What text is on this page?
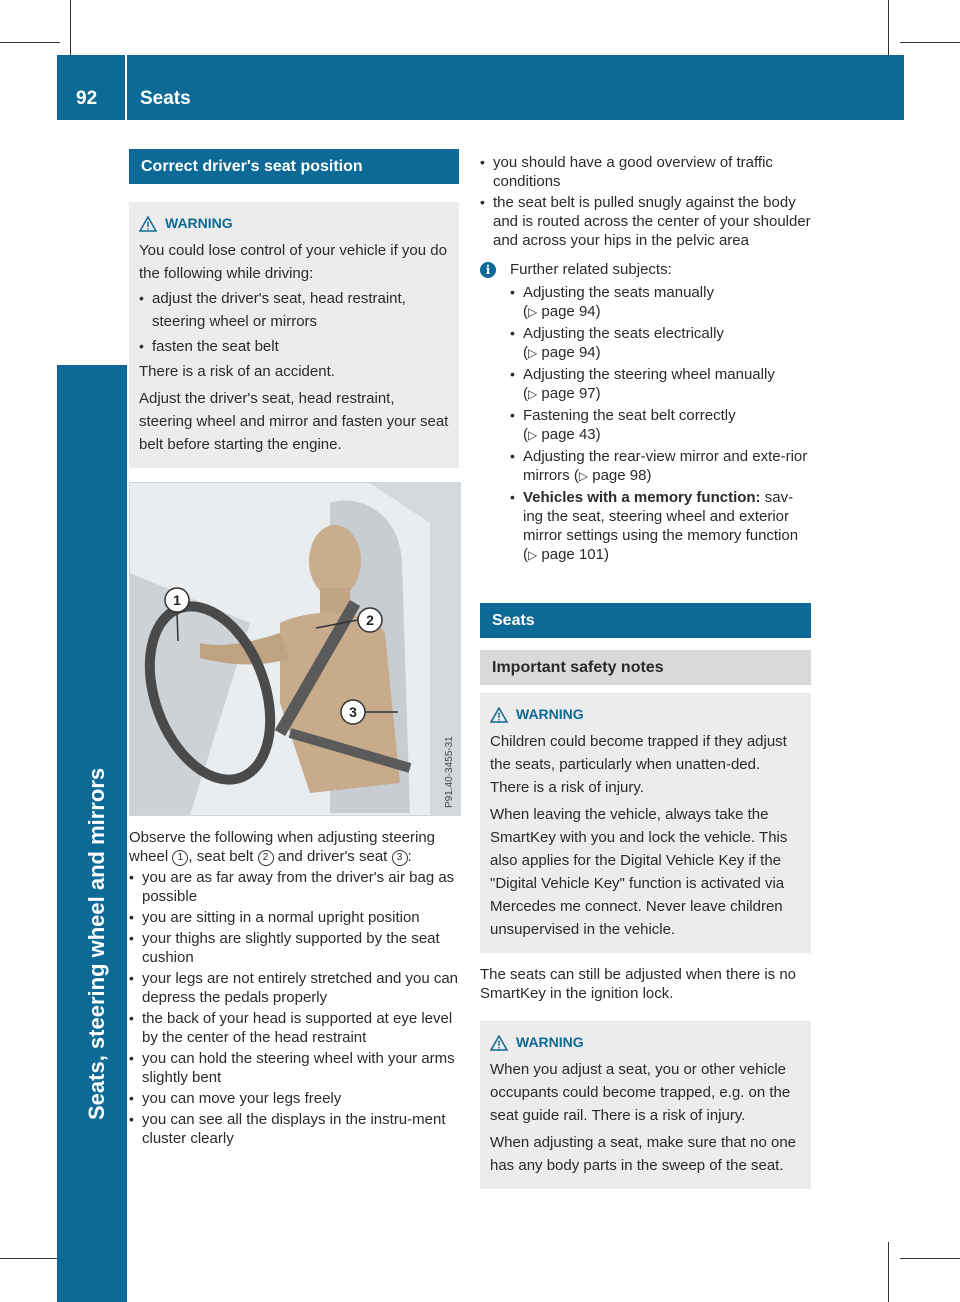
92 Seats
Seats, steering wheel and mirrors
Correct driver's seat position
WARNING

You could lose control of your vehicle if you do the following while driving:

• adjust the driver's seat, head restraint, steering wheel or mirrors
• fasten the seat belt

There is a risk of an accident.

Adjust the driver's seat, head restraint, steering wheel and mirror and fasten your seat belt before starting the engine.

1
2
3
P91.40-3455-31

Observe the following when adjusting steering wheel 1 , seat belt 2 and driver's seat 3 :

• you are as far away from the driver's air bag as possible
• you are sitting in a normal upright position
• your thighs are slightly supported by the seat cushion
• your legs are not entirely stretched and you can depress the pedals properly
• the back of your head is supported at eye level by the center of the head restraint
• you can hold the steering wheel with your arms slightly bent
• you can move your legs freely
• you can see all the displays in the instru-ment cluster clearly
• you should have a good overview of traffic conditions
• the seat belt is pulled snugly against the body and is routed across the center of your shoulder and across your hips in the pelvic area
i	Further related subjects:

• Adjusting the seats manually
(▷ page 94)
• Adjusting the seats electrically
(▷ page 94)
• Adjusting the steering wheel manually
(▷ page 97)
• Fastening the seat belt correctly
(▷ page 43)
• Adjusting the rear-view mirror and exte-rior mirrors (▷ page 98)
• Vehicles with a memory function: sav-ing the seat, steering wheel and exterior mirror settings using the memory function
(▷ page 101)
Seats
Important safety notes
WARNING

Children could become trapped if they adjust the seats, particularly when unatten-ded. There is a risk of injury.

When leaving the vehicle, always take the SmartKey with you and lock the vehicle. This also applies for the Digital Vehicle Key if the "Digital Vehicle Key" function is activated via Mercedes me connect. Never leave children unsupervised in the vehicle.

The seats can still be adjusted when there is no SmartKey in the ignition lock.

WARNING

When you adjust a seat, you or other vehicle occupants could become trapped, e.g. on the seat guide rail. There is a risk of injury.

When adjusting a seat, make sure that no one has any body parts in the sweep of the seat.
